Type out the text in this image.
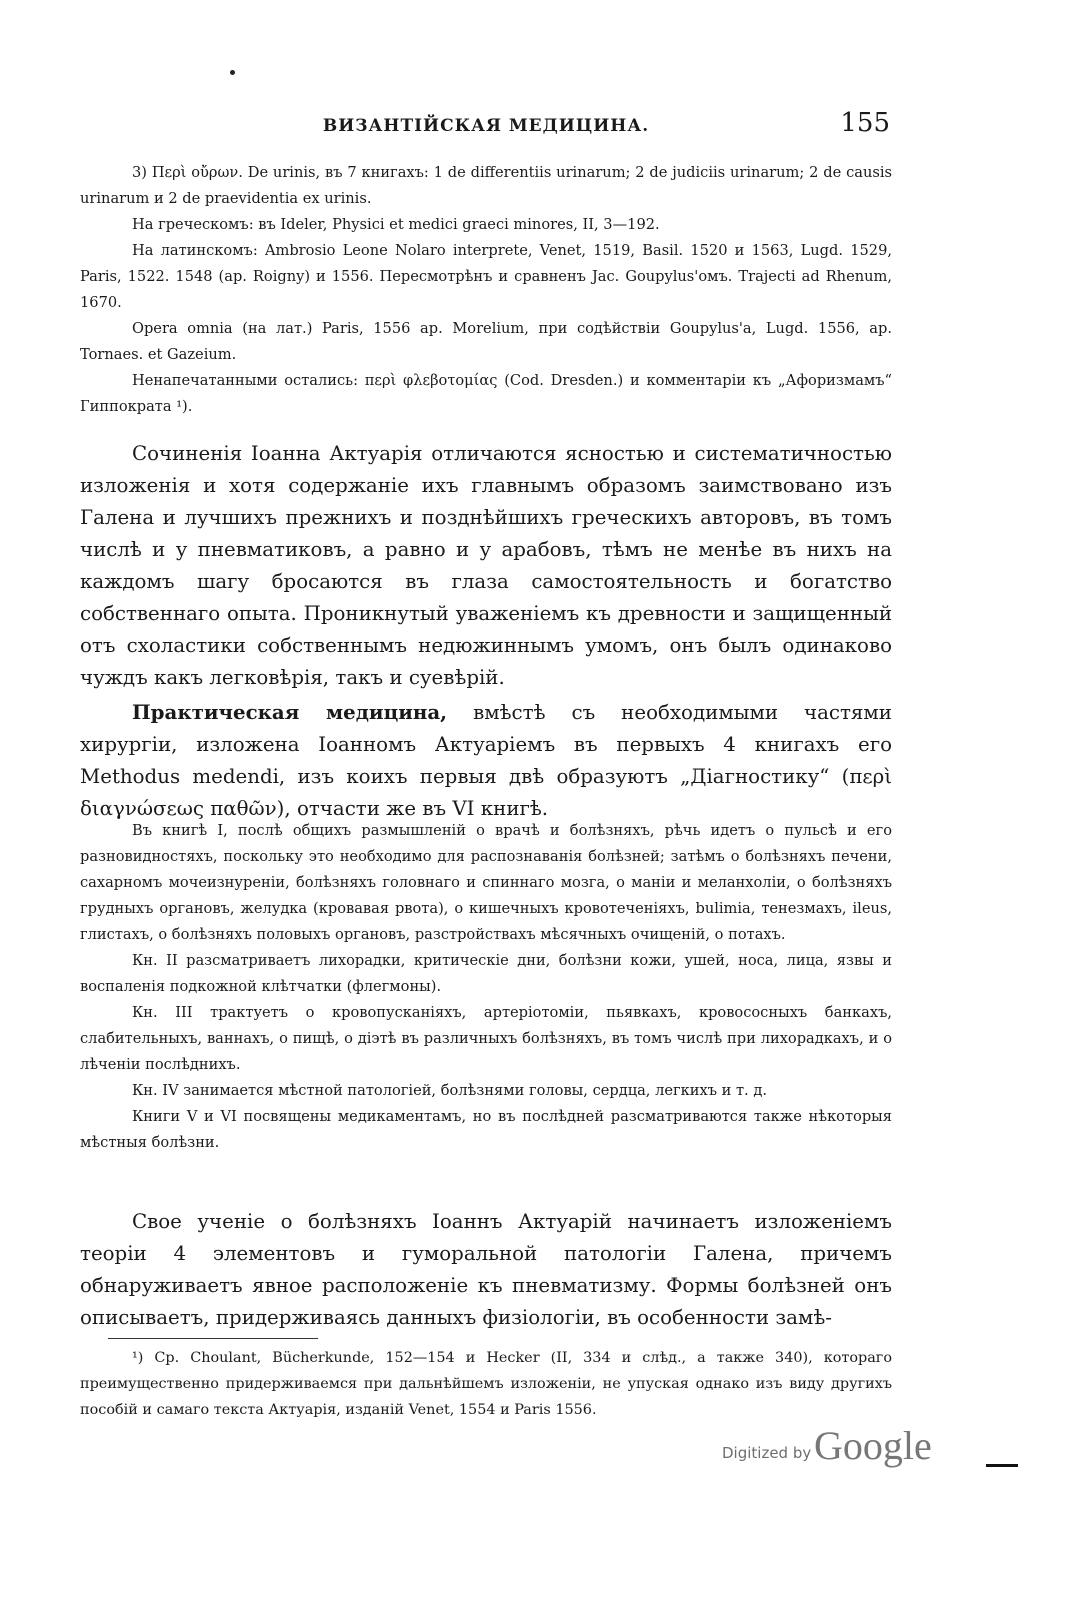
ВИЗАНТІЙСКАЯ МЕДИЦИНА.	155

3) Περὶ οὔρων. De urinis, въ 7 книгахъ: 1 de differentiis urinarum; 2 de judiciis urinarum; 2 de causis urinarum и 2 de praevidentia ex urinis.

На греческомъ: въ Ideler, Physici et medici graeci minores, II, 3—192.

На латинскомъ: Ambrosio Leone Nolaro interprete, Venet, 1519, Basil. 1520 и 1563, Lugd. 1529, Paris, 1522. 1548 (ap. Roigny) и 1556. Пересмотрѣнъ и сравненъ Jac. Goupylus'омъ. Trajecti ad Rhenum, 1670.

Opera omnia (на лат.) Paris, 1556 ap. Morelium, при содѣйствіи Goupylus'a, Lugd. 1556, ap. Tornaes. et Gazeium.

Ненапечатанными остались: περὶ φλεβοτομίας (Cod. Dresden.) и комментаріи къ „Афоризмамъ“ Гиппократа ¹).

Сочиненія Іоанна Актуарія отличаются ясностью и систематичностью изложенія и хотя содержаніе ихъ главнымъ образомъ заимствовано изъ Галена и лучшихъ прежнихъ и позднѣйшихъ греческихъ авторовъ, въ томъ числѣ и у пневматиковъ, а равно и у арабовъ, тѣмъ не менѣе въ нихъ на каждомъ шагу бросаются въ глаза самостоятельность и богатство собственнаго опыта. Проникнутый уваженіемъ къ древности и защищенный отъ схоластики собственнымъ недюжиннымъ умомъ, онъ былъ одинаково чуждъ какъ легковѣрія, такъ и суевѣрій.

Практическая медицина, вмѣстѣ съ необходимыми частями хирургіи, изложена Іоанномъ Актуаріемъ въ первыхъ 4 книгахъ его Methodus medendi, изъ коихъ первыя двѣ образуютъ „Діагностику“ (περὶ διαγνώσεως παθῶν), отчасти же въ VI книгѣ.

Въ книгѣ I, послѣ общихъ размышленій о врачѣ и болѣзняхъ, рѣчь идетъ о пульсѣ и его разновидностяхъ, поскольку это необходимо для распознаванія болѣзней; затѣмъ о болѣзняхъ печени, сахарномъ мочеизнуреніи, болѣзняхъ головнаго и спиннаго мозга, о маніи и меланхоліи, о болѣзняхъ грудныхъ органовъ, желудка (кровавая рвота), о кишечныхъ кровотеченіяхъ, bulimia, тенезмахъ, ileus, глистахъ, о болѣзняхъ половыхъ органовъ, разстройствахъ мѣсячныхъ очищеній, о потахъ.

Кн. II разсматриваетъ лихорадки, критическіе дни, болѣзни кожи, ушей, носа, лица, язвы и воспаленія подкожной клѣтчатки (флегмоны).

Кн. III трактуетъ о кровопусканіяхъ, артеріотоміи, пьявкахъ, кровососныхъ банкахъ, слабительныхъ, ваннахъ, о пищѣ, о діэтѣ въ различныхъ болѣзняхъ, въ томъ числѣ при лихорадкахъ, и о лѣченіи послѣднихъ.

Кн. IV занимается мѣстной патологіей, болѣзнями головы, сердца, легкихъ и т. д.

Книги V и VI посвящены медикаментамъ, но въ послѣдней разсматриваются также нѣкоторыя мѣстныя болѣзни.

Свое ученіе о болѣзняхъ Іоаннъ Актуарій начинаетъ изложеніемъ теоріи 4 элементовъ и гуморальной патологіи Галена, причемъ обнаруживаетъ явное расположеніе къ пневматизму. Формы болѣзней онъ описываетъ, придерживаясь данныхъ физіологіи, въ особенности замѣ-

¹) Cp. Choulant, Bücherkunde, 152—154 и Hecker (II, 334 и слѣд., а также 340), котораго преимущественно придерживаемся при дальнѣйшемъ изложеніи, не упуская однако изъ виду другихъ пособій и самаго текста Актуарія, изданій Venet, 1554 и Paris 1556.

Digitized by Google
